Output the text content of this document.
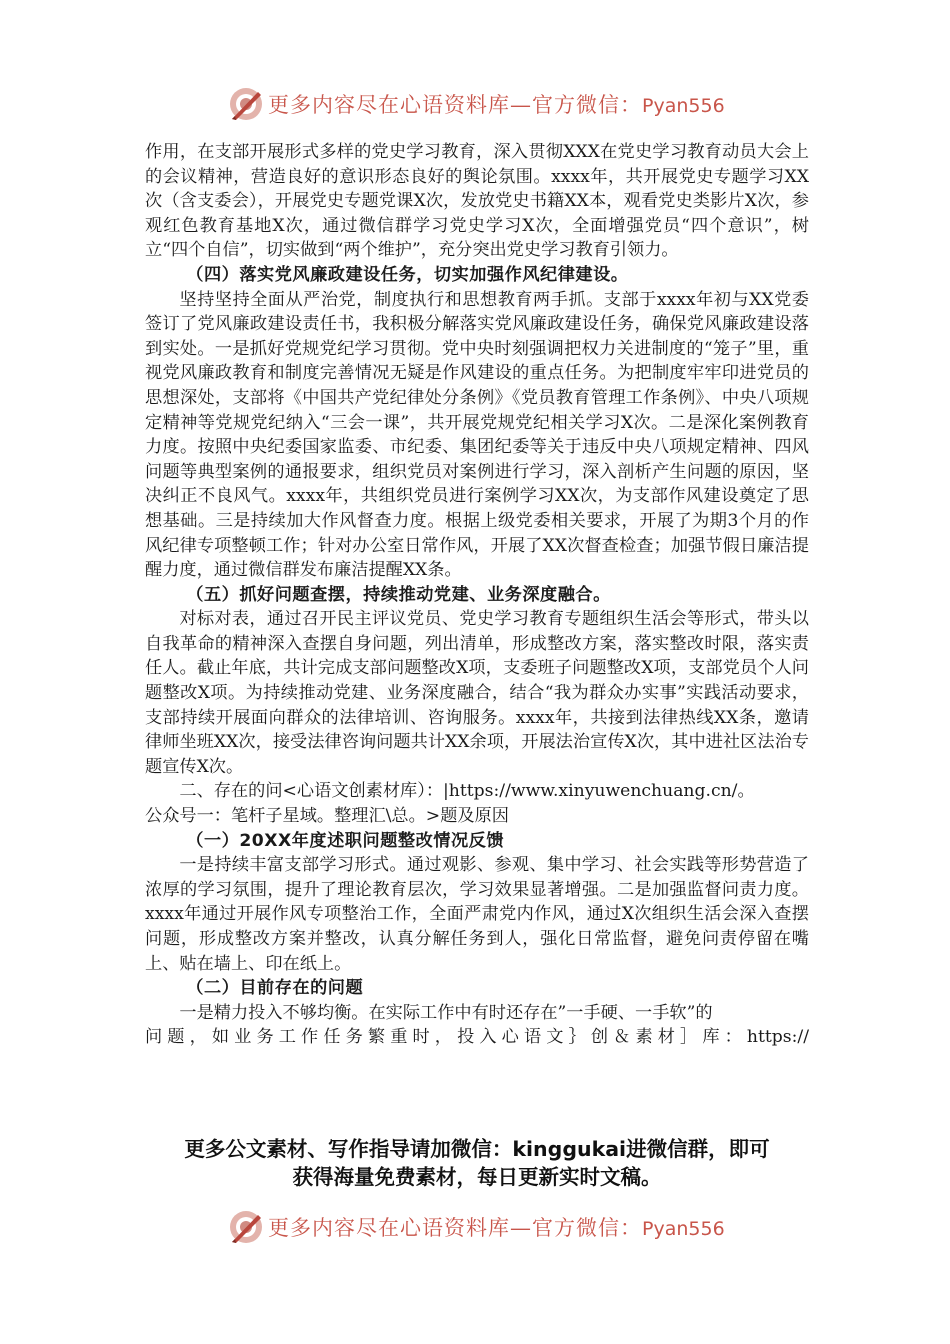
更多内容尽在心语资料库—官方微信：Pyan556

作用，在支部开展形式多样的党史学习教育，深入贯彻XXX在党史学习教育动员大会上的会议精神，营造良好的意识形态良好的舆论氛围。xxxx年，共开展党史专题学习XX次（含支委会），开展党史专题党课X次，发放党史书籍XX本，观看党史类影片X次，参观红色教育基地X次，通过微信群学习党史学习X次，全面增强党员“四个意识”，树立“四个自信”，切实做到“两个维护”，充分突出党史学习教育引领力。

（四）落实党风廉政建设任务，切实加强作风纪律建设。

坚持坚持全面从严治党，制度执行和思想教育两手抓。支部于xxxx年初与XX党委签订了党风廉政建设责任书，我积极分解落实党风廉政建设任务，确保党风廉政建设落到实处。一是抓好党规党纪学习贯彻。党中央时刻强调把权力关进制度的“笼子”里，重视党风廉政教育和制度完善情况无疑是作风建设的重点任务。为把制度牢牢印进党员的思想深处，支部将《中国共产党纪律处分条例》《党员教育管理工作条例》、中央八项规定精神等党规党纪纳入“三会一课”，共开展党规党纪相关学习X次。二是深化案例教育力度。按照中央纪委国家监委、市纪委、集团纪委等关于违反中央八项规定精神、四风问题等典型案例的通报要求，组织党员对案例进行学习，深入剖析产生问题的原因，坚决纠正不良风气。xxxx年，共组织党员进行案例学习XX次，为支部作风建设奠定了思想基础。三是持续加大作风督查力度。根据上级党委相关要求，开展了为期3个月的作风纪律专项整顿工作；针对办公室日常作风，开展了XX次督查检查；加强节假日廉洁提醒力度，通过微信群发布廉洁提醒XX条。

（五）抓好问题查摆，持续推动党建、业务深度融合。

对标对表，通过召开民主评议党员、党史学习教育专题组织生活会等形式，带头以自我革命的精神深入查摆自身问题，列出清单，形成整改方案，落实整改时限，落实责任人。截止年底，共计完成支部问题整改X项，支委班子问题整改X项，支部党员个人问题整改X项。为持续推动党建、业务深度融合，结合“我为群众办实事”实践活动要求，支部持续开展面向群众的法律培训、咨询服务。xxxx年，共接到法律热线XX条，邀请律师坐班XX次，接受法律咨询问题共计XX余项，开展法治宣传X次，其中进社区法治专题宣传X次。

二、存在的问<心语文创素材库）：|https://www.xinyuwenchuang.cn/。

公众号一：笔杆子星域。整理汇\总。>题及原因

（一）20XX年度述职问题整改情况反馈

一是持续丰富支部学习形式。通过观影、参观、集中学习、社会实践等形势营造了浓厚的学习氛围，提升了理论教育层次，学习效果显著增强。二是加强监督问责力度。xxxx年通过开展作风专项整治工作，全面严肃党内作风，通过X次组织生活会深入查摆问题，形成整改方案并整改，认真分解任务到人，强化日常监督，避免问责停留在嘴上、贴在墙上、印在纸上。

（二）目前存在的问题

一是精力投入不够均衡。在实际工作中有时还存在”一手硬、一手软”的

问题，如业务工作任务繁重时，投入心语文｝创＆素材］库：https://

更多公文素材、写作指导请加微信：kinggukai进微信群，即可
获得海量免费素材，每日更新实时文稿。
更多内容尽在心语资料库—官方微信：Pyan556
